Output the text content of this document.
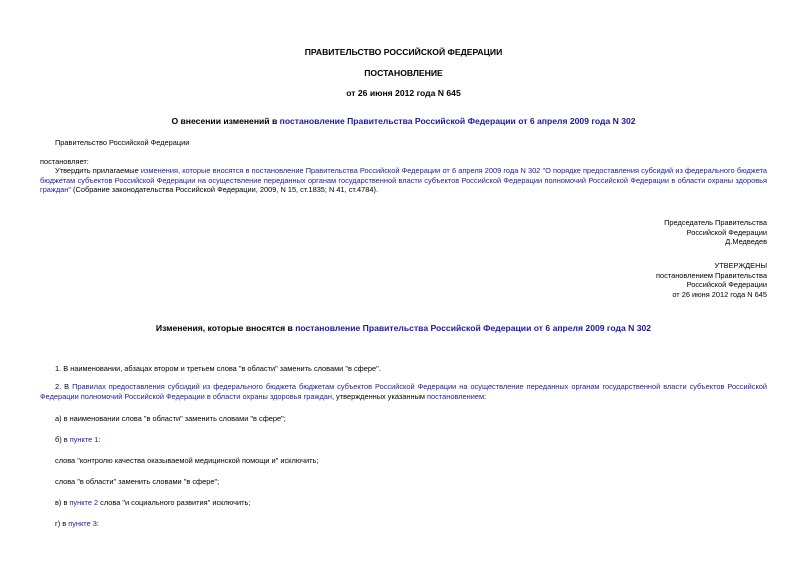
ПРАВИТЕЛЬСТВО РОССИЙСКОЙ ФЕДЕРАЦИИ
ПОСТАНОВЛЕНИЕ
от 26 июня 2012 года N 645
О внесении изменений в постановление Правительства Российской Федерации от 6 апреля 2009 года N 302
Правительство Российской Федерации
постановляет:
Утвердить прилагаемые изменения, которые вносятся в постановление Правительства Российской Федерации от 6 апреля 2009 года N 302 "О порядке предоставления субсидий из федерального бюджета бюджетам субъектов Российской Федерации на осуществление переданных органам государственной власти субъектов Российской Федерации полномочий Российской Федерации в области охраны здоровья граждан" (Собрание законодательства Российской Федерации, 2009, N 15, ст.1835; N 41, ст.4784).
Председатель Правительства
Российской Федерации
Д.Медведев
УТВЕРЖДЕНЫ
постановлением Правительства
Российской Федерации
от 26 июня 2012 года N 645
Изменения, которые вносятся в постановление Правительства Российской Федерации от 6 апреля 2009 года N 302
1. В наименовании, абзацах втором и третьем слова "в области" заменить словами "в сфере".
2. В Правилах предоставления субсидий из федерального бюджета бюджетам субъектов Российской Федерации на осуществление переданных органам государственной власти субъектов Российской Федерации полномочий Российской Федерации в области охраны здоровья граждан, утвержденных указанным постановлением:
а) в наименовании слова "в области" заменить словами "в сфере";
б) в пункте 1:
слова "контролю качества оказываемой медицинской помощи и" исключить;
слова "в области" заменить словами "в сфере";
в) в пункте 2 слова "и социального развития" исключить;
г) в пункте 3:
